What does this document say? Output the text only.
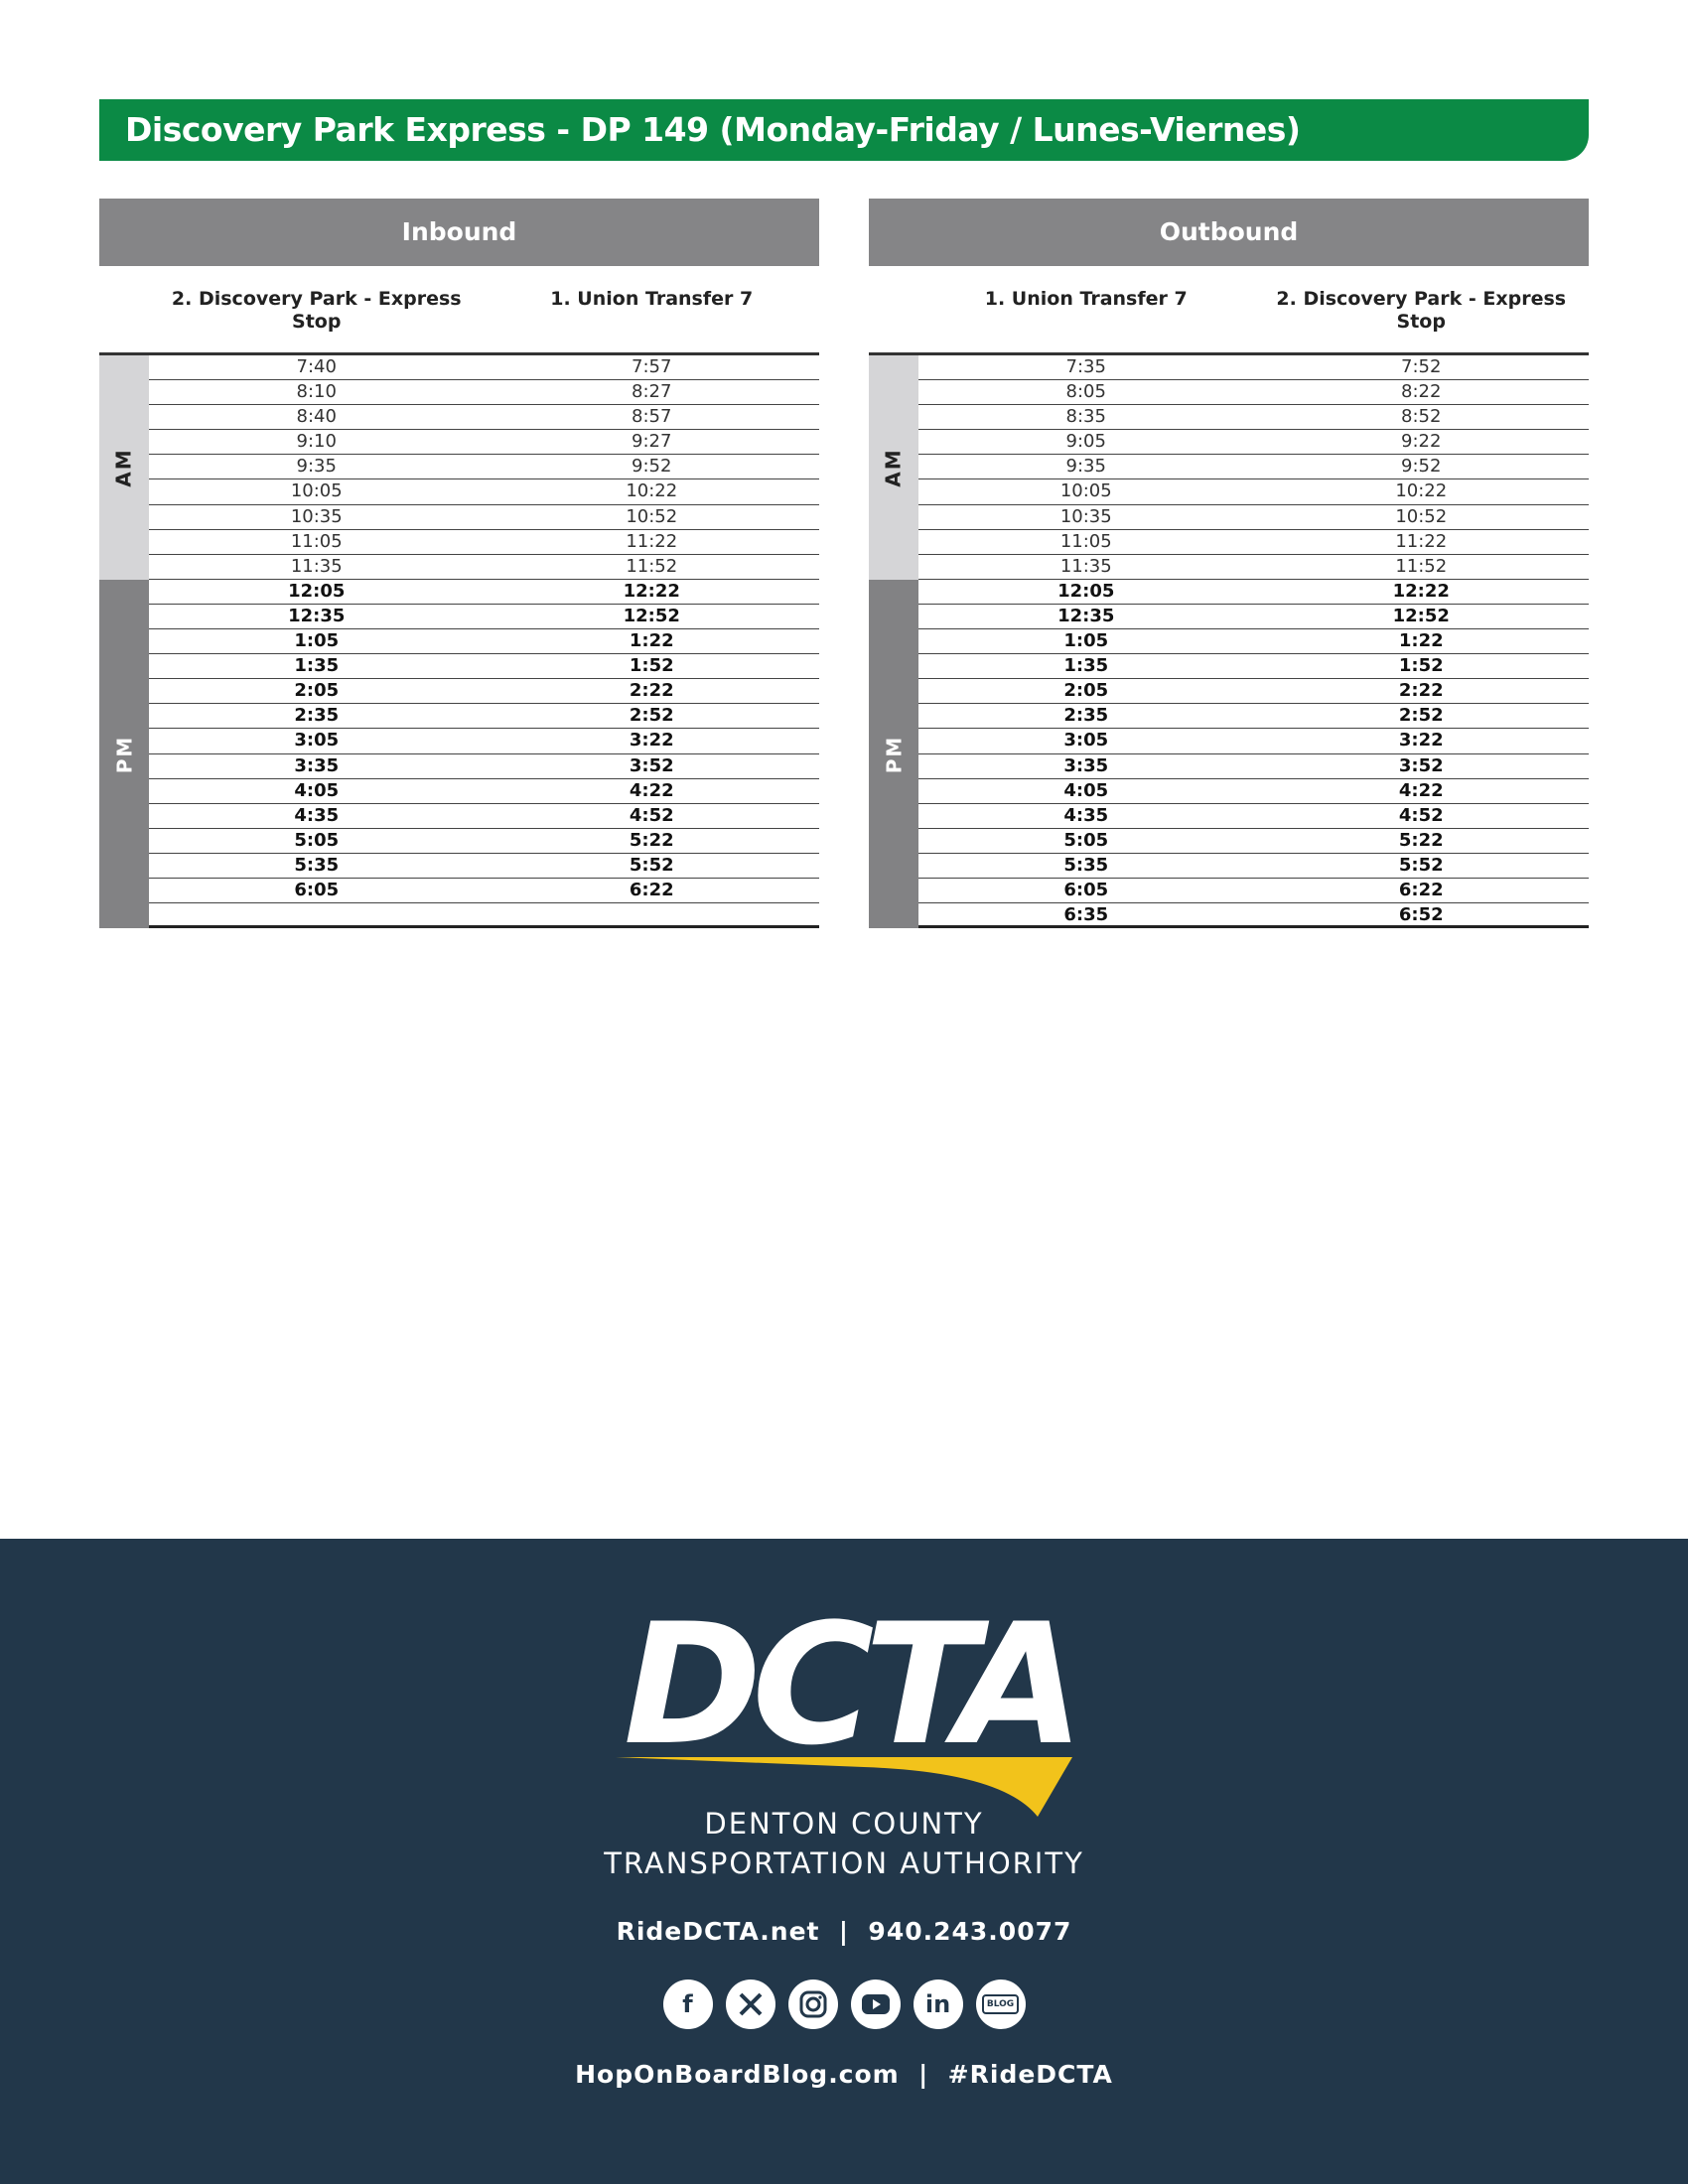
Discovery Park Express - DP 149 (Monday-Friday / Lunes-Viernes)
Inbound
2. Discovery Park - Express Stop
1. Union Transfer 7
AM
PM
7:40	7:57
8:10	8:27
8:40	8:57
9:10	9:27
9:35	9:52
10:05	10:22
10:35	10:52
11:05	11:22
11:35	11:52
12:05	12:22
12:35	12:52
1:05	1:22
1:35	1:52
2:05	2:22
2:35	2:52
3:05	3:22
3:35	3:52
4:05	4:22
4:35	4:52
5:05	5:22
5:35	5:52
6:05	6:22
Outbound
1. Union Transfer 7	2. Discovery Park - Express Stop
AM
PM
7:35	7:52
8:05	8:22
8:35	8:52
9:05	9:22
9:35	9:52
10:05	10:22
10:35	10:52
11:05	11:22
11:35	11:52
12:05	12:22
12:35	12:52
1:05	1:22
1:35	1:52
2:05	2:22
2:35	2:52
3:05	3:22
3:35	3:52
4:05	4:22
4:35	4:52
5:05	5:22
5:35	5:52
6:05	6:22
6:35	6:52
DCTA
DENTON COUNTY
TRANSPORTATION AUTHORITY
RideDCTA.net  |  940.243.0077
f	in	BLOG
HopOnBoardBlog.com  |  #RideDCTA
